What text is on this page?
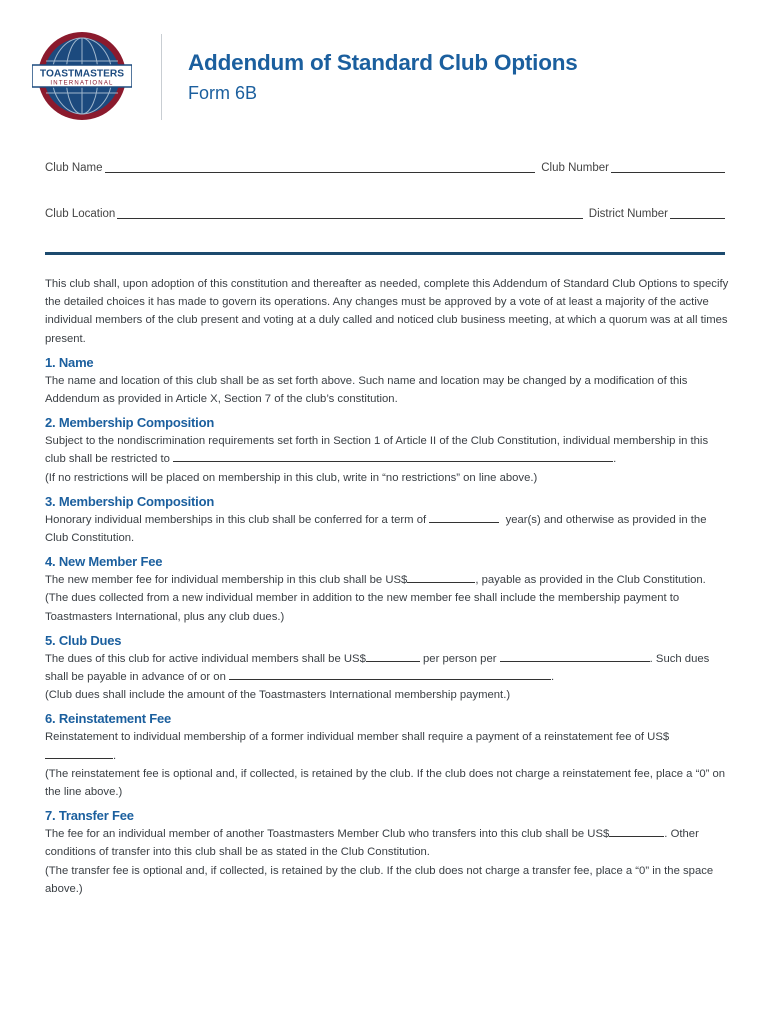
TOASTMASTERS
INTERNATIONAL
Addendum of Standard Club Options
Form 6B
Club Name	Club Number
Club Location	District Number

This club shall, upon adoption of this constitution and thereafter as needed, complete this Addendum of Standard Club Options to specify the detailed choices it has made to govern its operations. Any changes must be approved by a vote of at least a majority of the active individual members of the club present and voting at a duly called and noticed club business meeting, at which a quorum was at all times present.

1. Name

The name and location of this club shall be as set forth above. Such name and location may be changed by a modification of this Addendum as provided in Article X, Section 7 of the club’s constitution.

2. Membership Composition

Subject to the nondiscrimination requirements set forth in Section 1 of Article II of the Club Constitution, individual membership in this club shall be restricted to	.

(If no restrictions will be placed on membership in this club, write in “no restrictions” on line above.)

3. Membership Composition

Honorary individual memberships in this club shall be conferred for a term of	year(s) and otherwise as provided in the Club Constitution.

4. New Member Fee

The new member fee for individual membership in this club shall be US$	, payable as provided in the Club Constitution.

(The dues collected from a new individual member in addition to the new member fee shall include the membership payment to Toastmasters International, plus any club dues.)

5. Club Dues

The dues of this club for active individual members shall be US$	per person per	. Such dues shall be payable in advance of or on	.

(Club dues shall include the amount of the Toastmasters International membership payment.)

6. Reinstatement Fee

Reinstatement to individual membership of a former individual member shall require a payment of a reinstatement fee of US$.

(The reinstatement fee is optional and, if collected, is retained by the club. If the club does not charge a reinstatement fee, place a “0” on the line above.)

7. Transfer Fee

The fee for an individual member of another Toastmasters Member Club who transfers into this club shall be US$	. Other conditions of transfer into this club shall be as stated in the Club Constitution.

(The transfer fee is optional and, if collected, is retained by the club. If the club does not charge a transfer fee, place a “0” in the space above.)
